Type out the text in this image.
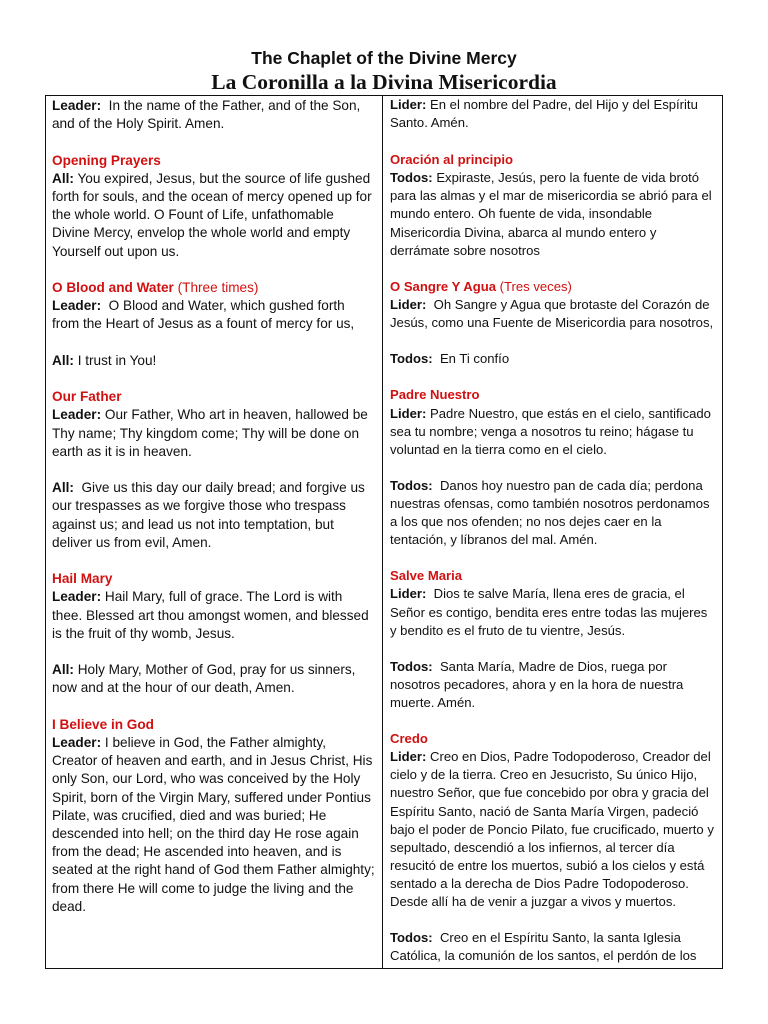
The Chaplet of the Divine Mercy
La Coronilla a la Divina Misericordia

Leader: In the name of the Father, and of the Son, and of the Holy Spirit. Amen.

Opening Prayers

All: You expired, Jesus, but the source of life gushed forth for souls, and the ocean of mercy opened up for the whole world. O Fount of Life, unfathomable Divine Mercy, envelop the whole world and empty Yourself out upon us.

O Blood and Water (Three times)

Leader: O Blood and Water, which gushed forth from the Heart of Jesus as a fount of mercy for us,

All: I trust in You!

Our Father

Leader: Our Father, Who art in heaven, hallowed be Thy name; Thy kingdom come; Thy will be done on earth as it is in heaven.

All: Give us this day our daily bread; and forgive us our trespasses as we forgive those who trespass against us; and lead us not into temptation, but deliver us from evil, Amen.

Hail Mary

Leader: Hail Mary, full of grace. The Lord is with thee. Blessed art thou amongst women, and blessed is the fruit of thy womb, Jesus.

All: Holy Mary, Mother of God, pray for us sinners, now and at the hour of our death, Amen.

I Believe in God

Leader: I believe in God, the Father almighty, Creator of heaven and earth, and in Jesus Christ, His only Son, our Lord, who was conceived by the Holy Spirit, born of the Virgin Mary, suffered under Pontius Pilate, was crucified, died and was buried; He descended into hell; on the third day He rose again from the dead; He ascended into heaven, and is seated at the right hand of God them Father almighty; from there He will come to judge the living and the dead.

Lider: En el nombre del Padre, del Hijo y del Espíritu Santo. Amén.

Oración al principio

Todos: Expiraste, Jesús, pero la fuente de vida brotó para las almas y el mar de misericordia se abrió para el mundo entero. Oh fuente de vida, insondable Misericordia Divina, abarca al mundo entero y derrámate sobre nosotros

O Sangre Y Agua (Tres veces)

Lider: Oh Sangre y Agua que brotaste del Corazón de Jesús, como una Fuente de Misericordia para nosotros,

Todos: En Ti confío

Padre Nuestro

Lider: Padre Nuestro, que estás en el cielo, santificado sea tu nombre; venga a nosotros tu reino; hágase tu voluntad en la tierra como en el cielo.

Todos: Danos hoy nuestro pan de cada día; perdona nuestras ofensas, como también nosotros perdonamos a los que nos ofenden; no nos dejes caer en la tentación, y líbranos del mal. Amén.

Salve Maria

Lider: Dios te salve María, llena eres de gracia, el Señor es contigo, bendita eres entre todas las mujeres y bendito es el fruto de tu vientre, Jesús.

Todos: Santa María, Madre de Dios, ruega por nosotros pecadores, ahora y en la hora de nuestra muerte. Amén.

Credo

Lider: Creo en Dios, Padre Todopoderoso, Creador del cielo y de la tierra. Creo en Jesucristo, Su único Hijo, nuestro Señor, que fue concebido por obra y gracia del Espíritu Santo, nació de Santa María Virgen, padeció bajo el poder de Poncio Pilato, fue crucificado, muerto y sepultado, descendió a los infiernos, al tercer día resucitó de entre los muertos, subió a los cielos y está sentado a la derecha de Dios Padre Todopoderoso. Desde allí ha de venir a juzgar a vivos y muertos.

Todos: Creo en el Espíritu Santo, la santa Iglesia Católica, la comunión de los santos, el perdón de los
